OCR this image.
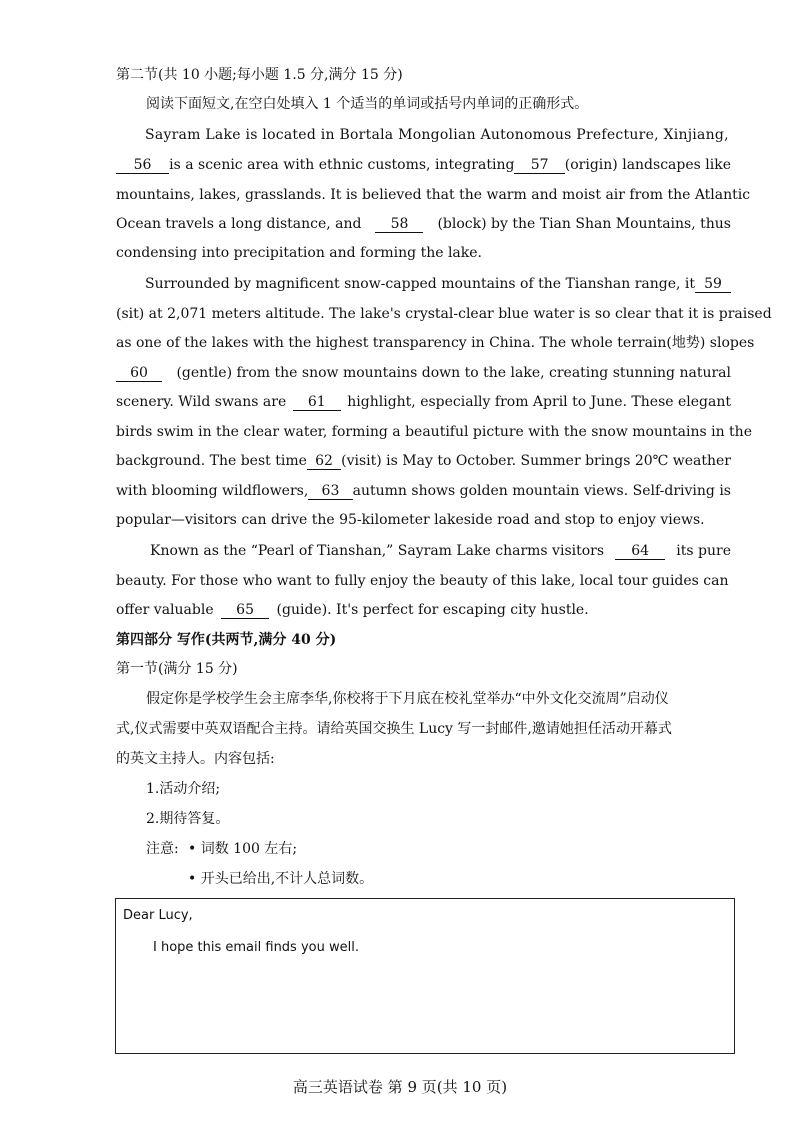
第二节(共 10 小题;每小题 1.5 分,满分 15 分)
阅读下面短文,在空白处填入 1 个适当的单词或括号内单词的正确形式。
Sayram Lake is located in Bortala Mongolian Autonomous Prefecture, Xinjiang,
56	is a scenic area with ethnic customs, integrating	57	(origin) landscapes like
mountains, lakes, grasslands. It is believed that the warm and moist air from the Atlantic
Ocean travels a long distance, and	58	(block) by the Tian Shan Mountains, thus
condensing into precipitation and forming the lake.
Surrounded by magnificent snow-capped mountains of the Tianshan range, it 59
(sit) at 2,071 meters altitude. The lake's crystal-clear blue water is so clear that it is praised
as one of the lakes with the highest transparency in China. The whole terrain(地势) slopes
60	(gentle) from the snow mountains down to the lake, creating stunning natural
scenery. Wild swans are	61	highlight, especially from April to June. These elegant
birds swim in the clear water, forming a beautiful picture with the snow mountains in the
background. The best time 62 (visit) is May to October. Summer brings 20℃ weather
with blooming wildflowers, 63 autumn shows golden mountain views. Self-driving is
popular—visitors can drive the 95-kilometer lakeside road and stop to enjoy views.
Known as the “Pearl of Tianshan,” Sayram Lake charms visitors	64	its pure
beauty. For those who want to fully enjoy the beauty of this lake, local tour guides can
offer valuable 65 (guide). It's perfect for escaping city hustle.
第四部分 写作(共两节,满分 40 分)
第一节(满分 15 分)
假定你是学校学生会主席李华,你校将于下月底在校礼堂举办“中外文化交流周”启动仪
式,仪式需要中英双语配合主持。请给英国交换生 Lucy 写一封邮件,邀请她担任活动开幕式
的英文主持人。内容包括:
1.活动介绍;
2.期待答复。
注意: • 词数 100 左右;
• 开头已给出,不计人总词数。
Dear Lucy,
I hope this email finds you well.
高三英语试卷 第 9 页(共 10 页)
